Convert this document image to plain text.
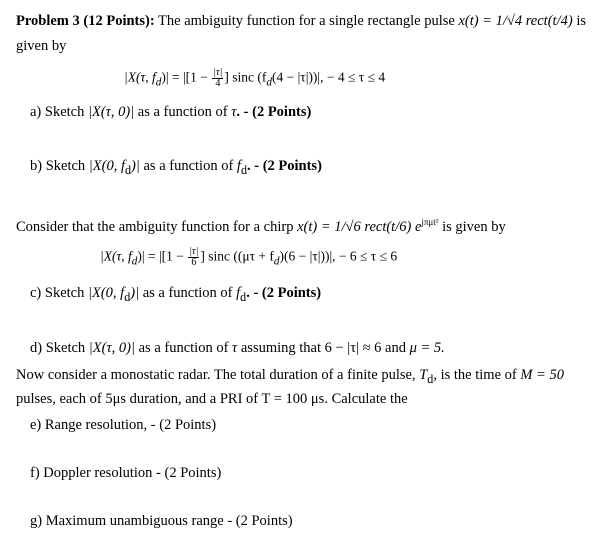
Problem 3 (12 Points): The ambiguity function for a single rectangle pulse x(t) = 1/√4 rect(t/4) is
given by
|X(τ, $f_d)| = |[1 - \frac{|\tau|}{4}$ ] sinc $(f_d(4 - |\tau|))|$, − 4 ≤ τ ≤ 4
a) Sketch |X(τ, 0)| as a function of τ. - (2 Points)
b) Sketch |X(0, $f_d)|$ as a function of $f_d$. - (2 Points)
Consider that the ambiguity function for a chirp x(t) = 1/√6 rect(t/6) $e^{j\pi\mu t^2}$ is given by
|X(τ, $f_d)| = |[1 - \frac{|\tau|}{6}$ ] sinc $((\mu\tau + f_d)(6 - |\tau|))|$, − 6 ≤ τ ≤ 6
c) Sketch |X(0, $f_d)|$ as a function of $f_d$. - (2 Points)
d) Sketch |X(τ, 0)| as a function of τ assuming that 6 − |τ| ≈ 6 and μ = 5.
Now consider a monostatic radar. The total duration of a finite pulse, $T_d$, is the time of M = 50
pulses, each of 5μs duration, and a PRI of T = 100 μs. Calculate the
e) Range resolution, - (2 Points)
f) Doppler resolution - (2 Points)
g) Maximum unambiguous range - (2 Points)
